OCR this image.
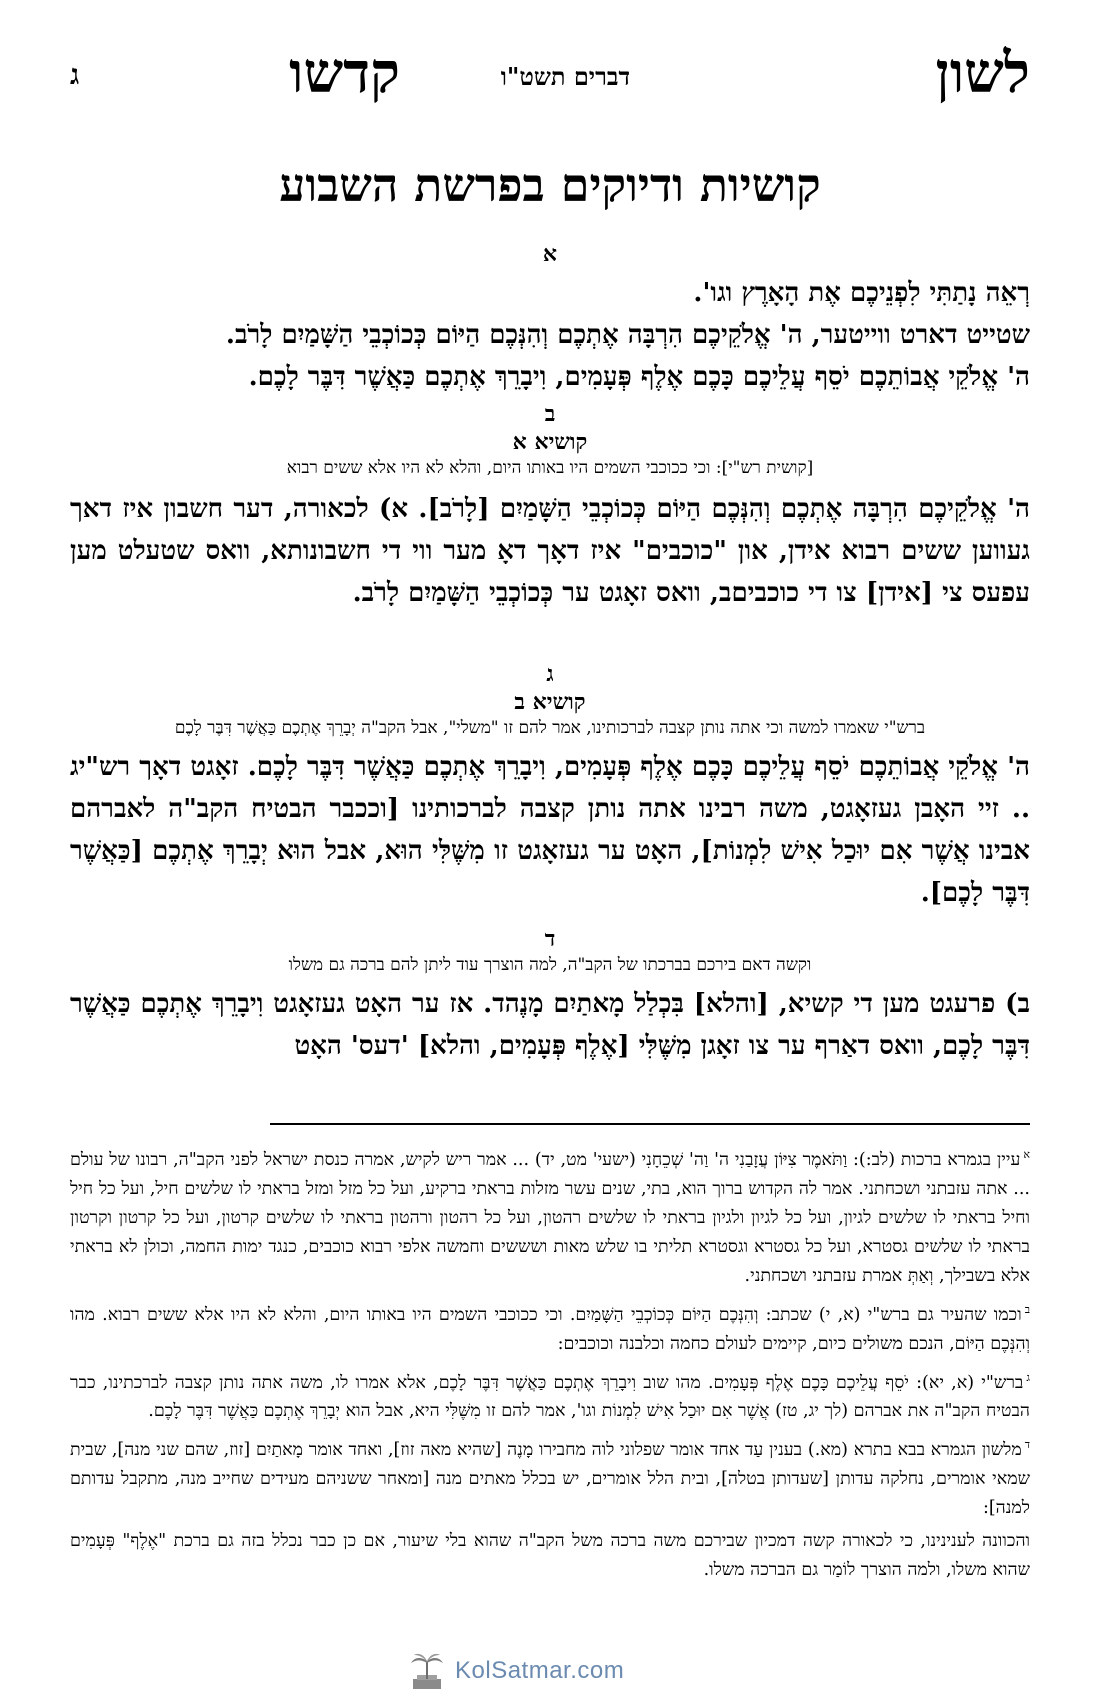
לשון
דברים תשט"ו
קדשו
ג
קושיות ודיוקים בפרשת השבוע
א
רְאֵה נָתַתִּי לִפְנֵיכֶם אֶת הָאָרֶץ וגו'.
שטייט דארט ווייטער, ה' אֱלֹקֵיכֶם הִרְבָּה אֶתְכֶם וְהִנְּכֶם הַיּוֹם כְּכוֹכְבֵי הַשָּׁמַיִם לָרֹב.
ה' אֱלֹקֵי אֲבוֹתֵכֶם יֹסֵף עֲלֵיכֶם כָּכֶם אֶלֶף פְּעָמִים, וִיבָרֵךְ אֶתְכֶם כַּאֲשֶׁר דִּבֶּר לָכֶם.
ב
קושיא א
[קושית רש"י]: וכי ככוכבי השמים היו באותו היום, והלא לא היו אלא ששים רבוא
ה' אֱלֹקֵיכֶם הִרְבָּה אֶתְכֶם וְהִנְּכֶם הַיּוֹם כְּכוֹכְבֵי הַשָּׁמַיִם [לָרֹב]. א) לכאורה, דער חשבון איז דאך געווען ששים רבוא אידן, און "כוכבים" איז דאָך דאָ מער ווי די חשבונותא, וואס שטעלט מען עפעס צי [אידן] צו די כוכביםב, וואס זאָגט ער כְּכוֹכְבֵי הַשָּׁמַיִם לָרֹב.
ג
קושיא ב
ברש"י שאמרו למשה וכי אתה נותן קצבה לברכותינו, אמר להם זו "משלי", אבל הקב"ה יְבָרֵךְ אֶתְכֶם כַּאֲשֶׁר דִּבֶּר לָכֶם
ה' אֱלֹקֵי אֲבוֹתֵכֶם יֹסֵף עֲלֵיכֶם כָּכֶם אֶלֶף פְּעָמִים, וִיבָרֵךְ אֶתְכֶם כַּאֲשֶׁר דִּבֶּר לָכֶם. זאָגט דאָך רש"יג .. זיי האָבן געזאָגט, משה רבינו אתה נותן קצבה לברכותינו [וככבר הבטיח הקב"ה לאברהם אבינו אֲשֶׁר אִם יוּכַל אִישׁ לִמְנוֹת], האָט ער געזאָגט זו מִשֶּׁלִּי הוּא, אבל הוּא יְבָרֵךְ אֶתְכֶם [כַּאֲשֶׁר דִּבֶּר לָכֶם].
ד
וקשה דאם בירכם בברכתו של הקב"ה, למה הוצרך עוד ליתן להם ברכה גם משלו
ב) פרעגט מען די קשיא, [והלא] בִּכְלַל מָאתַיִם מָנֶהד. אז ער האָט געזאָגט וִיבָרֵךְ אֶתְכֶם כַּאֲשֶׁר דִּבֶּר לָכֶם, וואס דאַרף ער צו זאָגן מִשֶּׁלִּי [אֶלֶף פְּעָמִים, והלא] 'דעס' האָט

$^א$עיין בגמרא ברכות (לב:): וַתֹּאמֶר צִיּוֹן עֲזָבַנִי ה' וַה' שְׁכֵחָנִי (ישעי' מט, יד) ... אמר ריש לקיש, אמרה כנסת ישראל לפני הקב"ה, רבונו של עולם ... אתה עזבתני ושכחתני. אמר לה הקדוש ברוך הוא, בתי, שנים עשר מזלות בראתי ברקיע, ועל כל מזל ומזל בראתי לו שלשים חיל, ועל כל חיל וחיל בראתי לו שלשים לגיון, ועל כל לגיון ולגיון בראתי לו שלשים רהטון, ועל כל רהטון ורהטון בראתי לו שלשים קרטון, ועל כל קרטון וקרטון בראתי לו שלשים גסטרא, ועל כל גסטרא וגסטרא תליתי בו שלש מאות ושששים וחמשה אלפי רבוא כוכבים, כנגד ימות החמה, וכולן לא בראתי אלא בשבילך, וְאַתְּ אמרת עזבתני ושכחתני.

$^ב$וכמו שהעיר גם ברש"י (א, י) שכתב: וְהִנְּכֶם הַיּוֹם כְּכוֹכְבֵי הַשָּׁמַיִם. וכי ככוכבי השמים היו באותו היום, והלא לא היו אלא ששים רבוא. מהו וְהִנְּכֶם הַיּוֹם, הנכם משולים כיום, קיימים לעולם כחמה וכלבנה וכוכבים:

$^ג$ברש"י (א, יא): יֹסֵף עֲלֵיכֶם כָּכֶם אֶלֶף פְּעָמִים. מהו שוב וִיבָרֵךְ אֶתְכֶם כַּאֲשֶׁר דִּבֶּר לָכֶם, אלא אמרו לו, משה אתה נותן קצבה לברכתינו, כבר הבטיח הקב"ה את אברהם (לך יג, טז) אֲשֶׁר אִם יוּכַל אִישׁ לִמְנוֹת וגו', אמר להם זו מִשֶּׁלִּי היא, אבל הוא יְבָרֵךְ אֶתְכֶם כַּאֲשֶׁר דִּבֶּר לָכֶם.

$^ד$מלשון הגמרא בבא בתרא (מא.) בענין עַד אחד אומר שפלוני לוה מחבירו מָנֶה [שהיא מאה זוז], ואחד אומר מָאתַיִם [זוז, שהם שני מנה], שבית שמאי אומרים, נחלקה עדותן [שעדותן בטלה], ובית הלל אומרים, יש בכלל מאתים מנה [ומאחר ששניהם מעידים שחייב מנה, מתקבל עדותם למנה]:

והכוונה לענינינו, כי לכאורה קשה דמכיון שבירכם משה ברכה משל הקב"ה שהוא בלי שיעור, אם כן כבר נכלל בזה גם ברכת "אֶלֶף" פְּעָמִים שהוא משלו, ולמה הוצרך לוֹמַר גם הברכה משלו.

KolSatmar.com
